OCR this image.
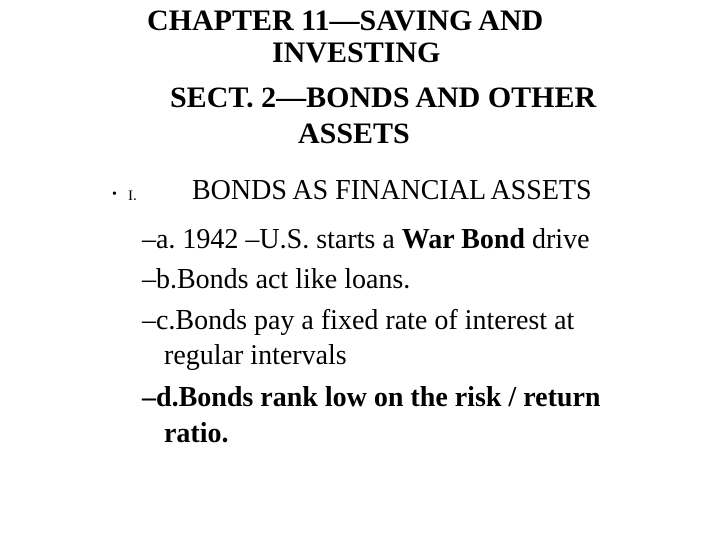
CHAPTER 11—SAVING AND
INVESTING
SECT. 2—BONDS AND OTHER
ASSETS
• I. BONDS AS FINANCIAL ASSETS
–a. 1942 –U.S. starts a War Bond drive
–b.Bonds act like loans.
–c.Bonds pay a fixed rate of interest at
regular intervals
–d.Bonds rank low on the risk / return
ratio.
